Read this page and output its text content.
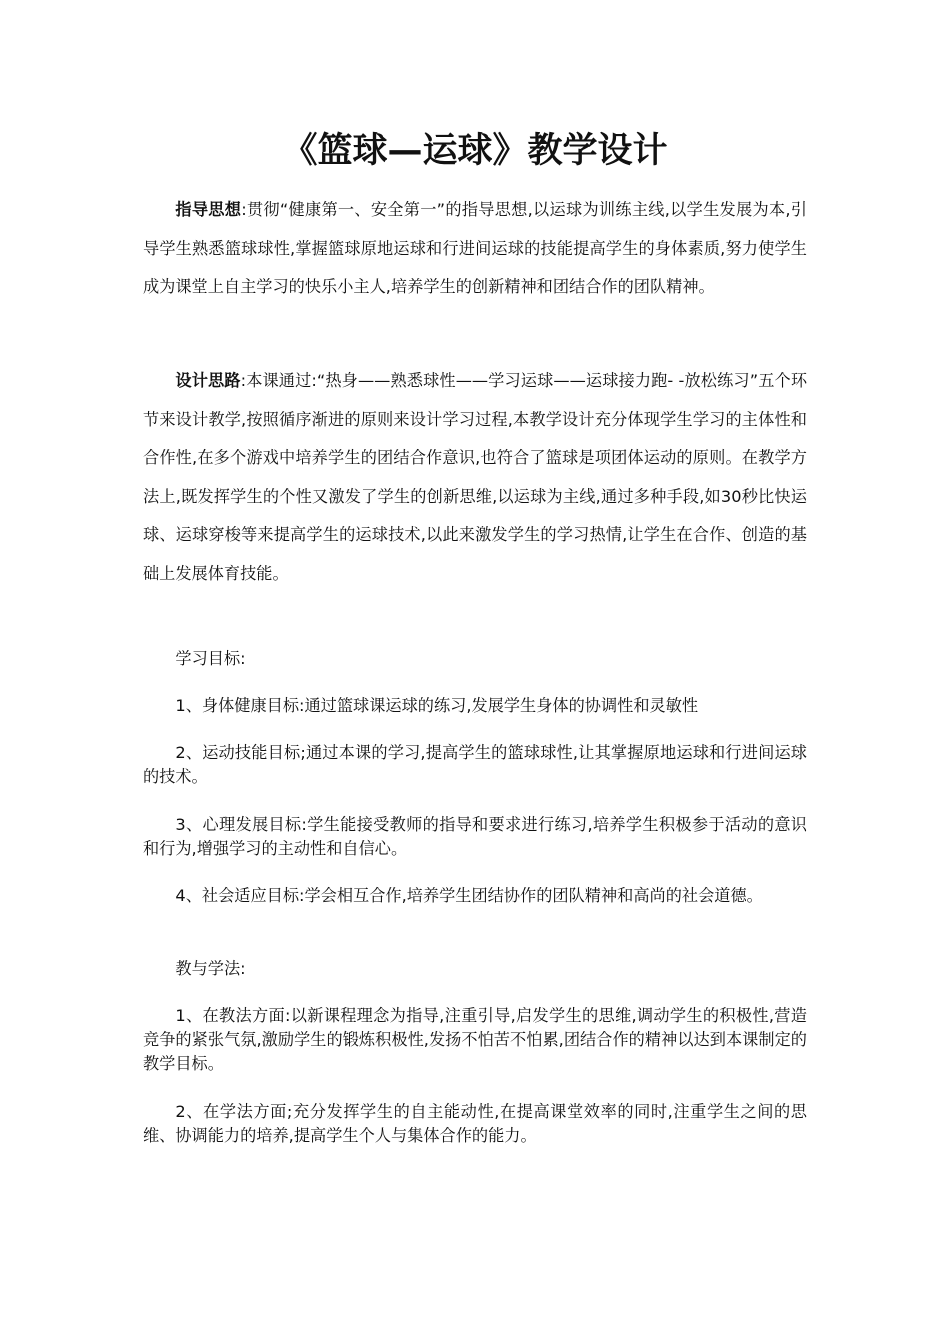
《篮球—运球》教学设计

指导思想:贯彻“健康第一、安全第一”的指导思想,以运球为训练主线,以学生发展为本,引导学生熟悉篮球球性,掌握篮球原地运球和行进间运球的技能提高学生的身体素质,努力使学生成为课堂上自主学习的快乐小主人,培养学生的创新精神和团结合作的团队精神。

设计思路:本课通过:“热身——熟悉球性——学习运球——运球接力跑- -放松练习”五个环节来设计教学,按照循序渐进的原则来设计学习过程,本教学设计充分体现学生学习的主体性和合作性,在多个游戏中培养学生的团结合作意识,也符合了篮球是项团体运动的原则。在教学方法上,既发挥学生的个性又激发了学生的创新思维,以运球为主线,通过多种手段,如30秒比快运球、运球穿梭等来提高学生的运球技术,以此来激发学生的学习热情,让学生在合作、创造的基础上发展体育技能。

学习目标:

1、身体健康目标:通过篮球课运球的练习,发展学生身体的协调性和灵敏性

2、运动技能目标;通过本课的学习,提高学生的篮球球性,让其掌握原地运球和行进间运球的技术。

3、心理发展目标:学生能接受教师的指导和要求进行练习,培养学生积极参于活动的意识和行为,增强学习的主动性和自信心。

4、社会适应目标:学会相互合作,培养学生团结协作的团队精神和高尚的社会道德。

教与学法:

1、在教法方面:以新课程理念为指导,注重引导,启发学生的思维,调动学生的积极性,营造竞争的紧张气氛,激励学生的锻炼积极性,发扬不怕苦不怕累,团结合作的精神以达到本课制定的教学目标。

2、在学法方面;充分发挥学生的自主能动性,在提高课堂效率的同时,注重学生之间的思维、协调能力的培养,提高学生个人与集体合作的能力。
